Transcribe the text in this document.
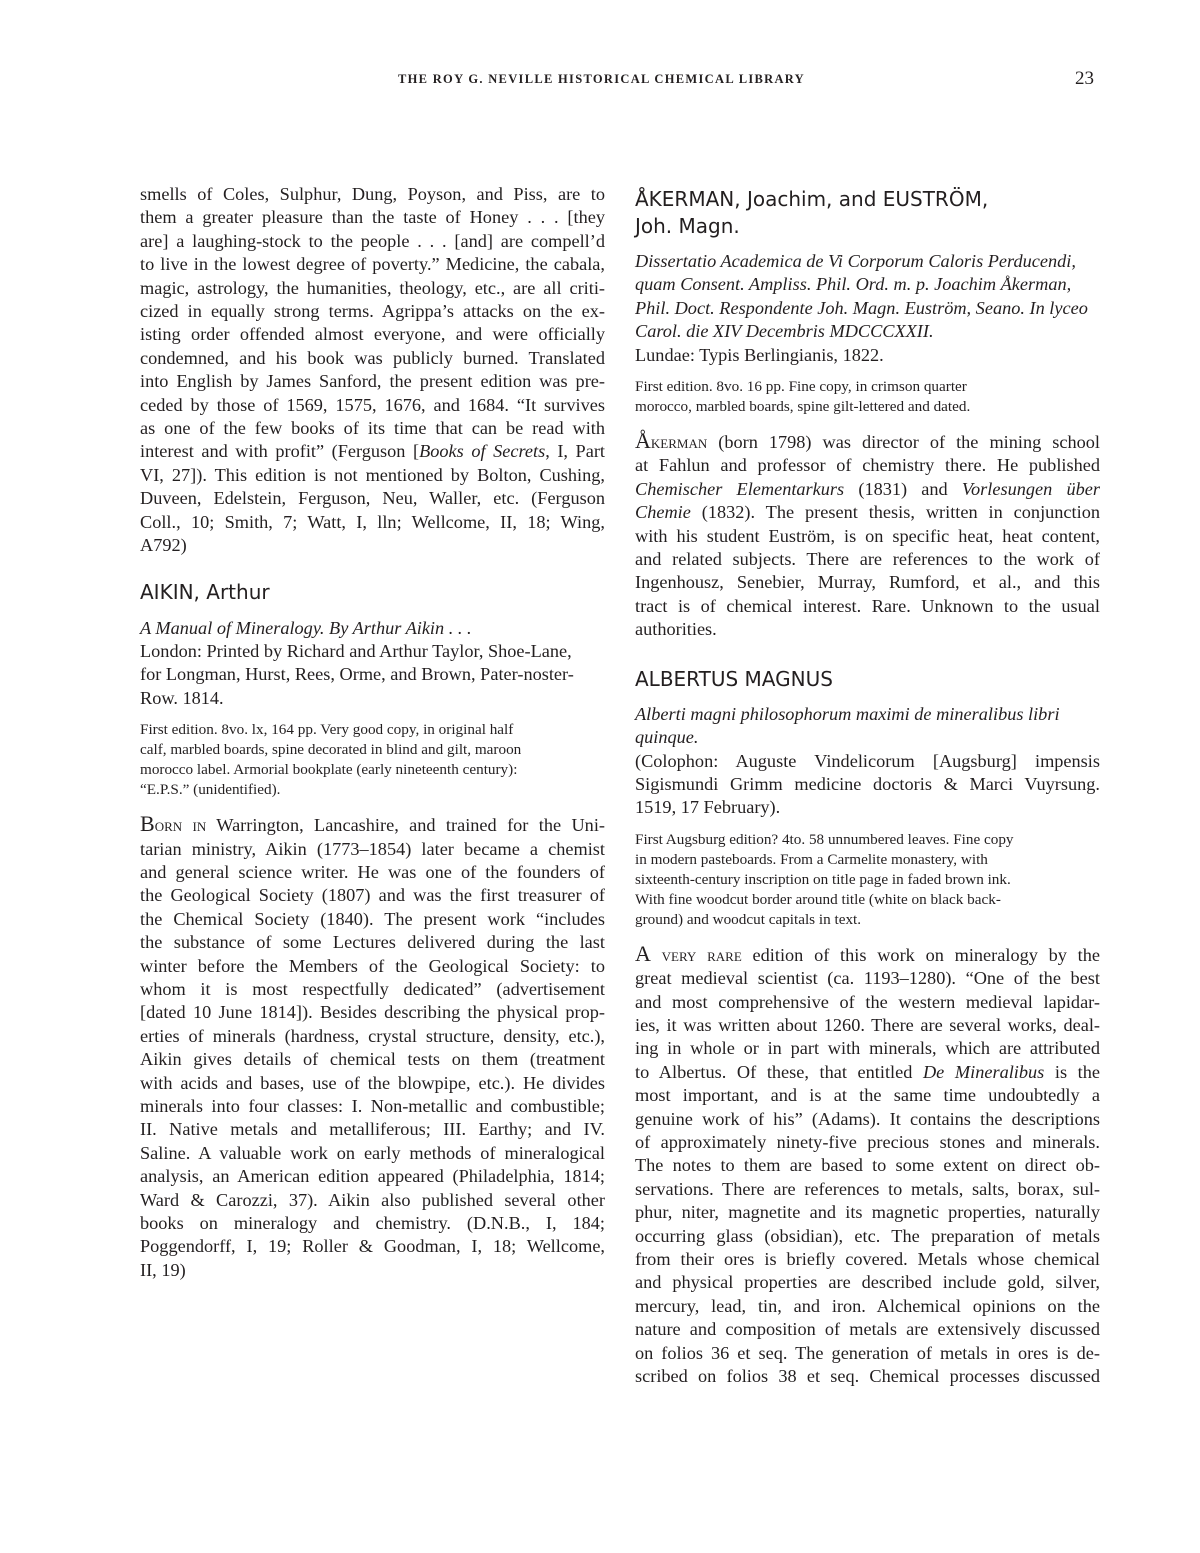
THE ROY G. NEVILLE HISTORICAL CHEMICAL LIBRARY	23
smells of Coles, Sulphur, Dung, Poyson, and Piss, are to
them a greater pleasure than the taste of Honey . . . [they
are] a laughing-stock to the people . . . [and] are compell’d
to live in the lowest degree of poverty.” Medicine, the cabala,
magic, astrology, the humanities, theology, etc., are all criti-
cized in equally strong terms. Agrippa’s attacks on the ex-
isting order offended almost everyone, and were officially
condemned, and his book was publicly burned. Translated
into English by James Sanford, the present edition was pre-
ceded by those of 1569, 1575, 1676, and 1684. “It survives
as one of the few books of its time that can be read with
interest and with profit” (Ferguson [Books of Secrets, I, Part
VI, 27]). This edition is not mentioned by Bolton, Cushing,
Duveen, Edelstein, Ferguson, Neu, Waller, etc. (Ferguson
Coll., 10; Smith, 7; Watt, I, lln; Wellcome, II, 18; Wing,
A792)
AIKIN, Arthur
A Manual of Mineralogy. By Arthur Aikin . . .
London: Printed by Richard and Arthur Taylor, Shoe-Lane,
for Longman, Hurst, Rees, Orme, and Brown, Pater-noster-
Row. 1814.
First edition. 8vo. lx, 164 pp. Very good copy, in original half
calf, marbled boards, spine decorated in blind and gilt, maroon
morocco label. Armorial bookplate (early nineteenth century):
“E.P.S.” (unidentified).
Born in Warrington, Lancashire, and trained for the Uni-
tarian ministry, Aikin (1773–1854) later became a chemist
and general science writer. He was one of the founders of
the Geological Society (1807) and was the first treasurer of
the Chemical Society (1840). The present work “includes
the substance of some Lectures delivered during the last
winter before the Members of the Geological Society: to
whom it is most respectfully dedicated” (advertisement
[dated 10 June 1814]). Besides describing the physical prop-
erties of minerals (hardness, crystal structure, density, etc.),
Aikin gives details of chemical tests on them (treatment
with acids and bases, use of the blowpipe, etc.). He divides
minerals into four classes: I. Non-metallic and combustible;
II. Native metals and metalliferous; III. Earthy; and IV.
Saline. A valuable work on early methods of mineralogical
analysis, an American edition appeared (Philadelphia, 1814;
Ward & Carozzi, 37). Aikin also published several other
books on mineralogy and chemistry. (D.N.B., I, 184;
Poggendorff, I, 19; Roller & Goodman, I, 18; Wellcome,
II, 19)
ÅKERMAN, Joachim, and EUSTRÖM,
Joh. Magn.
Dissertatio Academica de Vi Corporum Caloris Perducendi,
quam Consent. Ampliss. Phil. Ord. m. p. Joachim Åkerman,
Phil. Doct. Respondente Joh. Magn. Euström, Seano. In lyceo
Carol. die XIV Decembris MDCCCXXII.
Lundae: Typis Berlingianis, 1822.
First edition. 8vo. 16 pp. Fine copy, in crimson quarter
morocco, marbled boards, spine gilt-lettered and dated.
Åkerman (born 1798) was director of the mining school
at Fahlun and professor of chemistry there. He published
Chemischer Elementarkurs (1831) and Vorlesungen über
Chemie (1832). The present thesis, written in conjunction
with his student Euström, is on specific heat, heat content,
and related subjects. There are references to the work of
Ingenhousz, Senebier, Murray, Rumford, et al., and this
tract is of chemical interest. Rare. Unknown to the usual
authorities.
ALBERTUS MAGNUS
Alberti magni philosophorum maximi de mineralibus libri
quinque.
(Colophon: Auguste Vindelicorum [Augsburg] impensis
Sigismundi Grimm medicine doctoris & Marci Vuyrsung.
1519, 17 February).
First Augsburg edition? 4to. 58 unnumbered leaves. Fine copy
in modern pasteboards. From a Carmelite monastery, with
sixteenth-century inscription on title page in faded brown ink.
With fine woodcut border around title (white on black back-
ground) and woodcut capitals in text.
A very rare edition of this work on mineralogy by the
great medieval scientist (ca. 1193–1280). “One of the best
and most comprehensive of the western medieval lapidar-
ies, it was written about 1260. There are several works, deal-
ing in whole or in part with minerals, which are attributed
to Albertus. Of these, that entitled De Mineralibus is the
most important, and is at the same time undoubtedly a
genuine work of his” (Adams). It contains the descriptions
of approximately ninety-five precious stones and minerals.
The notes to them are based to some extent on direct ob-
servations. There are references to metals, salts, borax, sul-
phur, niter, magnetite and its magnetic properties, naturally
occurring glass (obsidian), etc. The preparation of metals
from their ores is briefly covered. Metals whose chemical
and physical properties are described include gold, silver,
mercury, lead, tin, and iron. Alchemical opinions on the
nature and composition of metals are extensively discussed
on folios 36 et seq. The generation of metals in ores is de-
scribed on folios 38 et seq. Chemical processes discussed
